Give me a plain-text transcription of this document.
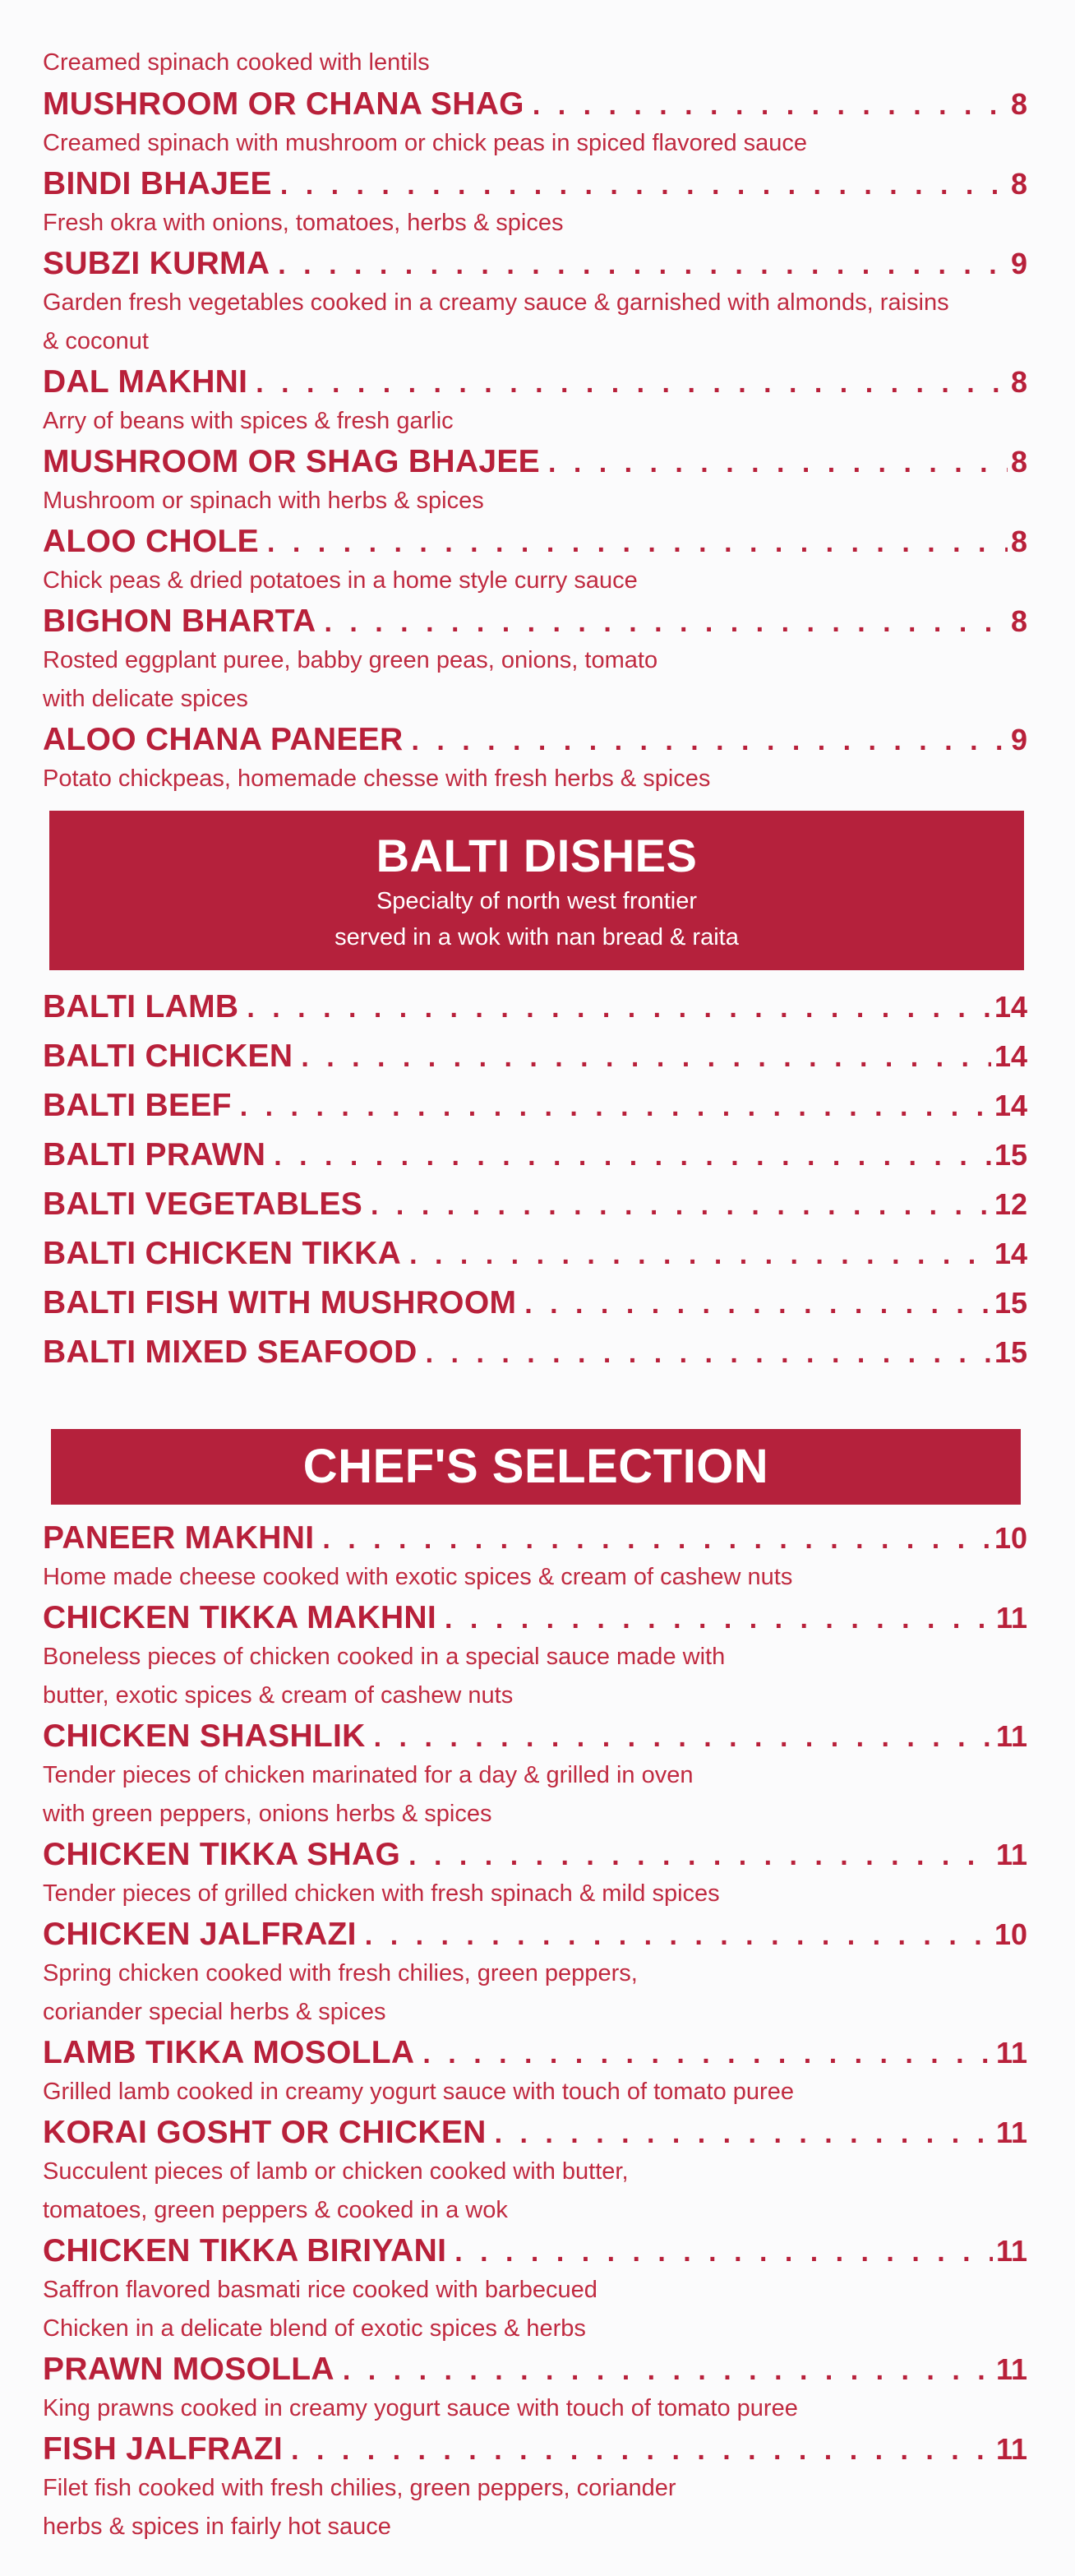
Creamed spinach cooked with lentils
MUSHROOM OR CHANA SHAG . . .	8
Creamed spinach with mushroom or chick peas in spiced flavored sauce
BINDI BHAJEE . . .	8
Fresh okra with onions, tomatoes, herbs & spices
SUBZI KURMA . . .	9
Garden fresh vegetables cooked in a creamy sauce & garnished with almonds, raisins
& coconut
DAL MAKHNI . . .	8
Arry of beans with spices & fresh garlic
MUSHROOM OR SHAG BHAJEE . . .	8
Mushroom or spinach with herbs & spices
ALOO CHOLE . . .	8
Chick peas & dried potatoes in a home style curry sauce
BIGHON BHARTA . . .	8
Rosted eggplant puree, babby green peas, onions, tomato
with delicate spices
ALOO CHANA PANEER . . .	9
Potato chickpeas, homemade chesse with fresh herbs & spices
BALTI DISHES
Specialty of north west frontier
served in a wok with nan bread & raita
BALTI LAMB . . .	14
BALTI CHICKEN . . .	14
BALTI BEEF . . .	14
BALTI PRAWN . . .	15
BALTI VEGETABLES . . .	12
BALTI CHICKEN TIKKA . . .	14
BALTI FISH WITH MUSHROOM . . .	15
BALTI MIXED SEAFOOD . . .	15
CHEF'S SELECTION
PANEER MAKHNI . . .	10
Home made cheese cooked with exotic spices & cream of cashew nuts
CHICKEN TIKKA MAKHNI . . .	11
Boneless pieces of chicken cooked in a special sauce made with
butter, exotic spices & cream of cashew nuts
CHICKEN SHASHLIK . . .	11
Tender pieces of chicken marinated for a day & grilled in oven
with green peppers, onions herbs & spices
CHICKEN TIKKA SHAG . . .	11
Tender pieces of grilled chicken with fresh spinach & mild spices
CHICKEN JALFRAZI . . .	10
Spring chicken cooked with fresh chilies, green peppers,
coriander special herbs & spices
LAMB TIKKA MOSOLLA . . .	11
Grilled lamb cooked in creamy yogurt sauce with touch of tomato puree
KORAI GOSHT OR CHICKEN . . .	11
Succulent pieces of lamb or chicken cooked with butter,
tomatoes, green peppers & cooked in a wok
CHICKEN TIKKA BIRIYANI . . .	11
Saffron flavored basmati rice cooked with barbecued
Chicken in a delicate blend of exotic spices & herbs
PRAWN MOSOLLA . . .	11
King prawns cooked in creamy yogurt sauce with touch of tomato puree
FISH JALFRAZI . . .	11
Filet fish cooked with fresh chilies, green peppers, coriander
herbs & spices in fairly hot sauce
